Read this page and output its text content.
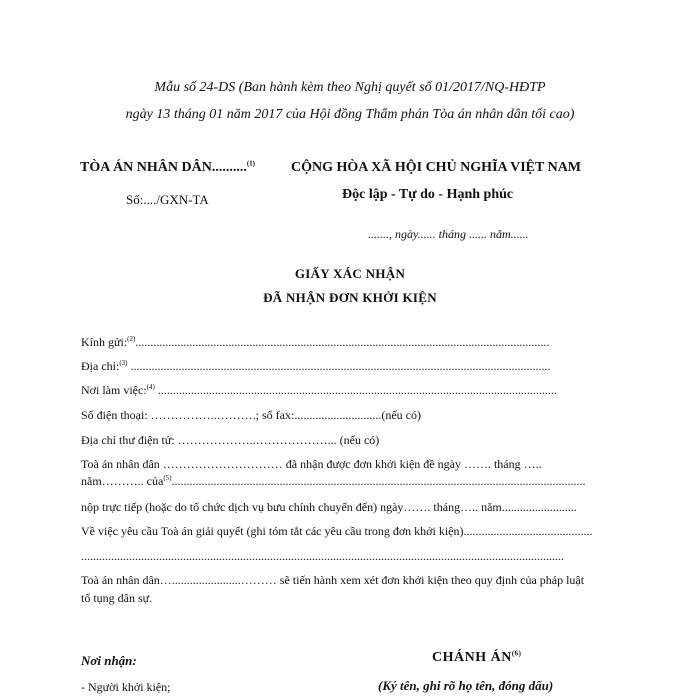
Mẫu số 24-DS (Ban hành kèm theo Nghị quyết số 01/2017/NQ-HĐTP
ngày 13 tháng 01 năm 2017 của Hội đồng Thẩm phán Tòa án nhân dân tối cao)
TÒA ÁN NHÂN DÂN..........$^{(1)}$
Số:..../GXN-TA
CỘNG HÒA XÃ HỘI CHỦ NGHĨA VIỆT NAM
Độc lập - Tự do - Hạnh phúc
......., ngày...... tháng ...... năm......
GIẤY XÁC NHẬN
ĐÃ NHẬN ĐƠN KHỞI KIỆN
Kính gửi:$^{(2)}$..........................................................................................................................................
Địa chỉ:$^{(3)}$ ............................................................................................................................................
Nơi làm việc:$^{(4)}$ .....................................................................................................................................
Số điện thoại: ……………..……….; số fax:.............................(nếu có)
Địa chỉ thư điện tử: ………………..………………... (nếu có)
Toà án nhân dân ………………………… đã nhận được đơn khởi kiện đề ngày ……. tháng …..
năm……….. của$^{(5)}$..........................................................................................................................................
nộp trực tiếp (hoặc do tổ chức dịch vụ bưu chính chuyển đến) ngày……. tháng….. năm.........................
Về việc yêu cầu Toà án giải quyết (ghi tóm tắt các yêu cầu trong đơn khởi kiện)...........................................
.................................................................................................................................................................
Toà án nhân dân….......................……… sẽ tiến hành xem xét đơn khởi kiện theo quy định của pháp luật
tố tụng dân sự.
Nơi nhận:
- Người khởi kiện;
CHÁNH ÁN$^{(6)}$
(Ký tên, ghi rõ họ tên, đóng dấu)
